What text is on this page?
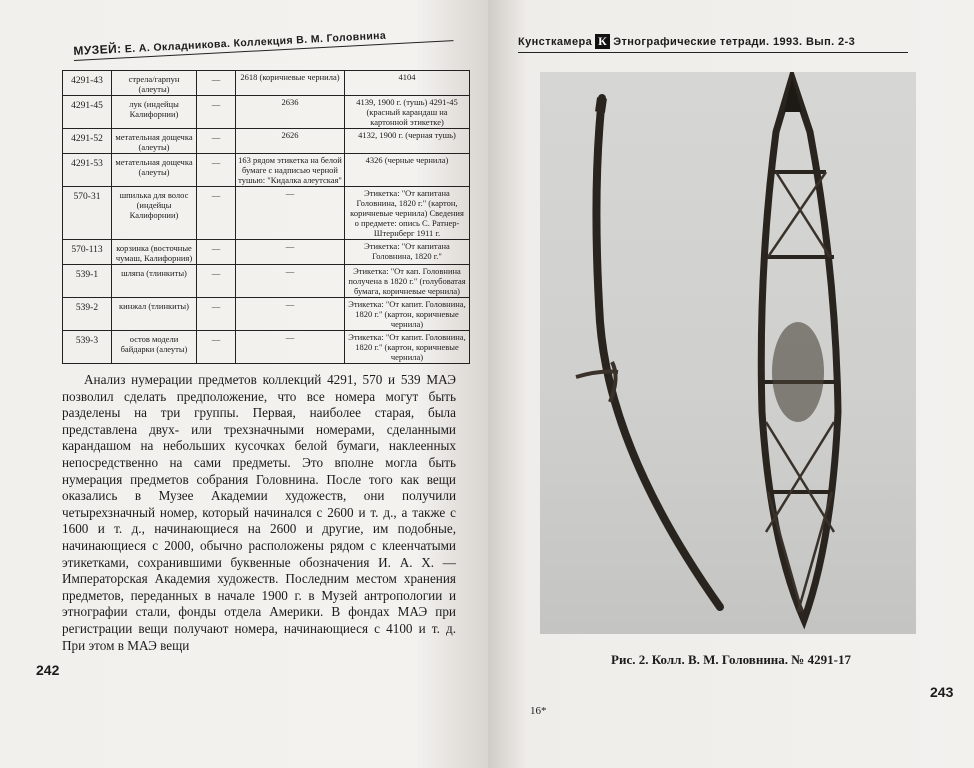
МУЗЕЙ: Е. А. Окладникова. Коллекция В. М. Головнина
4291-43	стрела/гарпун (алеуты)	—	2618 (коричневые чернила)	4104
4291-45	лук (индейцы Калифорнии)	—	2636	4139, 1900 г. (тушь) 4291-45 (красный карандаш на картонной этикетке)
4291-52	метательная дощечка (алеуты)	—	2626	4132, 1900 г. (черная тушь)
4291-53	метательная дощечка (алеуты)	—	163 рядом этикетка на белой бумаге с надписью черной тушью: "Кидалка алеутская"	4326 (черные чернила)
570-31	шпилька для волос (индейцы Калифорнии)	—	—	Этикетка: "От капитана Головнина, 1820 г." (картон, коричневые чернила) Сведения о предмете: опись С. Ратнер-Штернберг 1911 г.
570-113	корзинка (восточные чумаш, Калифорния)	—	—	Этикетка: "От капитана Головнина, 1820 г."
539-1	шляпа (тлинкиты)	—	—	Этикетка: "От кап. Головнина получена в 1820 г." (голубоватая бумага, коричневые чернила)
539-2	кинжал (тлинкиты)	—	—	Этикетка: "От капит. Головнина, 1820 г." (картон, коричневые чернила)
539-3	остов модели байдарки (алеуты)	—	—	Этикетка: "От капит. Головнина, 1820 г." (картон, коричневые чернила)
Анализ нумерации предметов коллекций 4291, 570 и 539 МАЭ позволил сделать предположение, что все номера могут быть разделены на три группы. Первая, наиболее старая, была представлена двух- или трехзначными номерами, сделанными карандашом на небольших кусочках белой бумаги, наклеенных непосредственно на сами предметы. Это вполне могла быть нумерация предметов собрания Головнина. После того как вещи оказались в Музее Академии художеств, они получили четырехзначный номер, который начинался с 2600 и т. д., а также с 1600 и т. д., начинающиеся на 2600 и другие, им подобные, начинающиеся с 2000, обычно расположены рядом с клеенчатыми этикетками, сохранившими буквенные обозначения И. А. Х. — Императорская Академия художеств. Последним местом хранения предметов, переданных в начале 1900 г. в Музей антропологии и этнографии стали, фонды отдела Америки. В фондах МАЭ при регистрации вещи получают номера, начинающиеся с 4100 и т. д. При этом в МАЭ вещи
242
Кунсткамера К Этнографические тетради. 1993. Вып. 2-3
Рис. 2. Колл. В. М. Головнина. № 4291-17
16*
243
